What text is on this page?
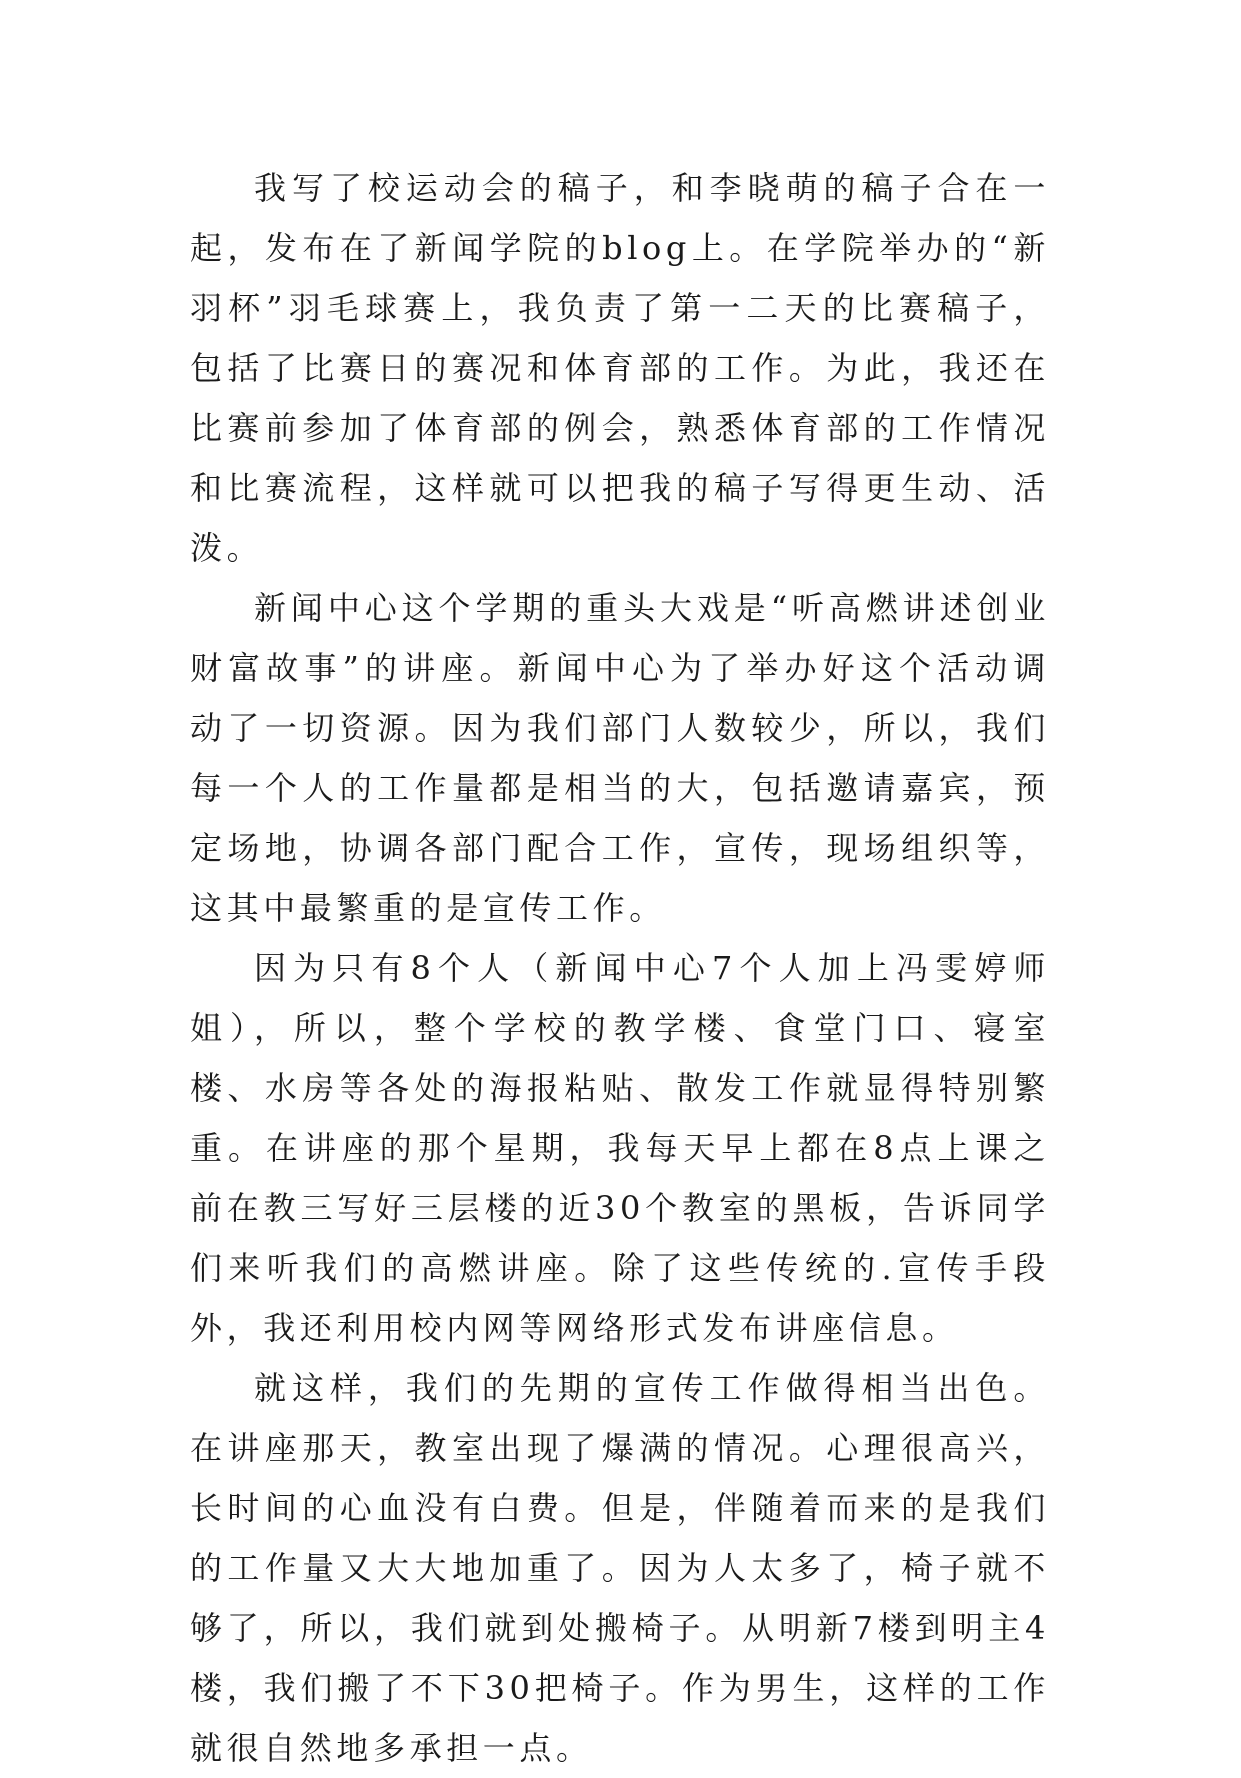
我写了校运动会的稿子，和李晓萌的稿子合在一起，发布在了新闻学院的blog上。在学院举办的“新羽杯”羽毛球赛上，我负责了第一二天的比赛稿子，包括了比赛日的赛况和体育部的工作。为此，我还在比赛前参加了体育部的例会，熟悉体育部的工作情况和比赛流程，这样就可以把我的稿子写得更生动、活泼。

新闻中心这个学期的重头大戏是“听高燃讲述创业财富故事”的讲座。新闻中心为了举办好这个活动调动了一切资源。因为我们部门人数较少，所以，我们每一个人的工作量都是相当的大，包括邀请嘉宾，预定场地，协调各部门配合工作，宣传，现场组织等，这其中最繁重的是宣传工作。

因为只有8个人（新闻中心7个人加上冯雯婷师姐），所以，整个学校的教学楼、食堂门口、寝室楼、水房等各处的海报粘贴、散发工作就显得特别繁重。在讲座的那个星期，我每天早上都在8点上课之前在教三写好三层楼的近30个教室的黑板，告诉同学们来听我们的高燃讲座。除了这些传统的.宣传手段外，我还利用校内网等网络形式发布讲座信息。

就这样，我们的先期的宣传工作做得相当出色。在讲座那天，教室出现了爆满的情况。心理很高兴，长时间的心血没有白费。但是，伴随着而来的是我们的工作量又大大地加重了。因为人太多了，椅子就不够了，所以，我们就到处搬椅子。从明新7楼到明主4楼，我们搬了不下30把椅子。作为男生，这样的工作就很自然地多承担一点。
